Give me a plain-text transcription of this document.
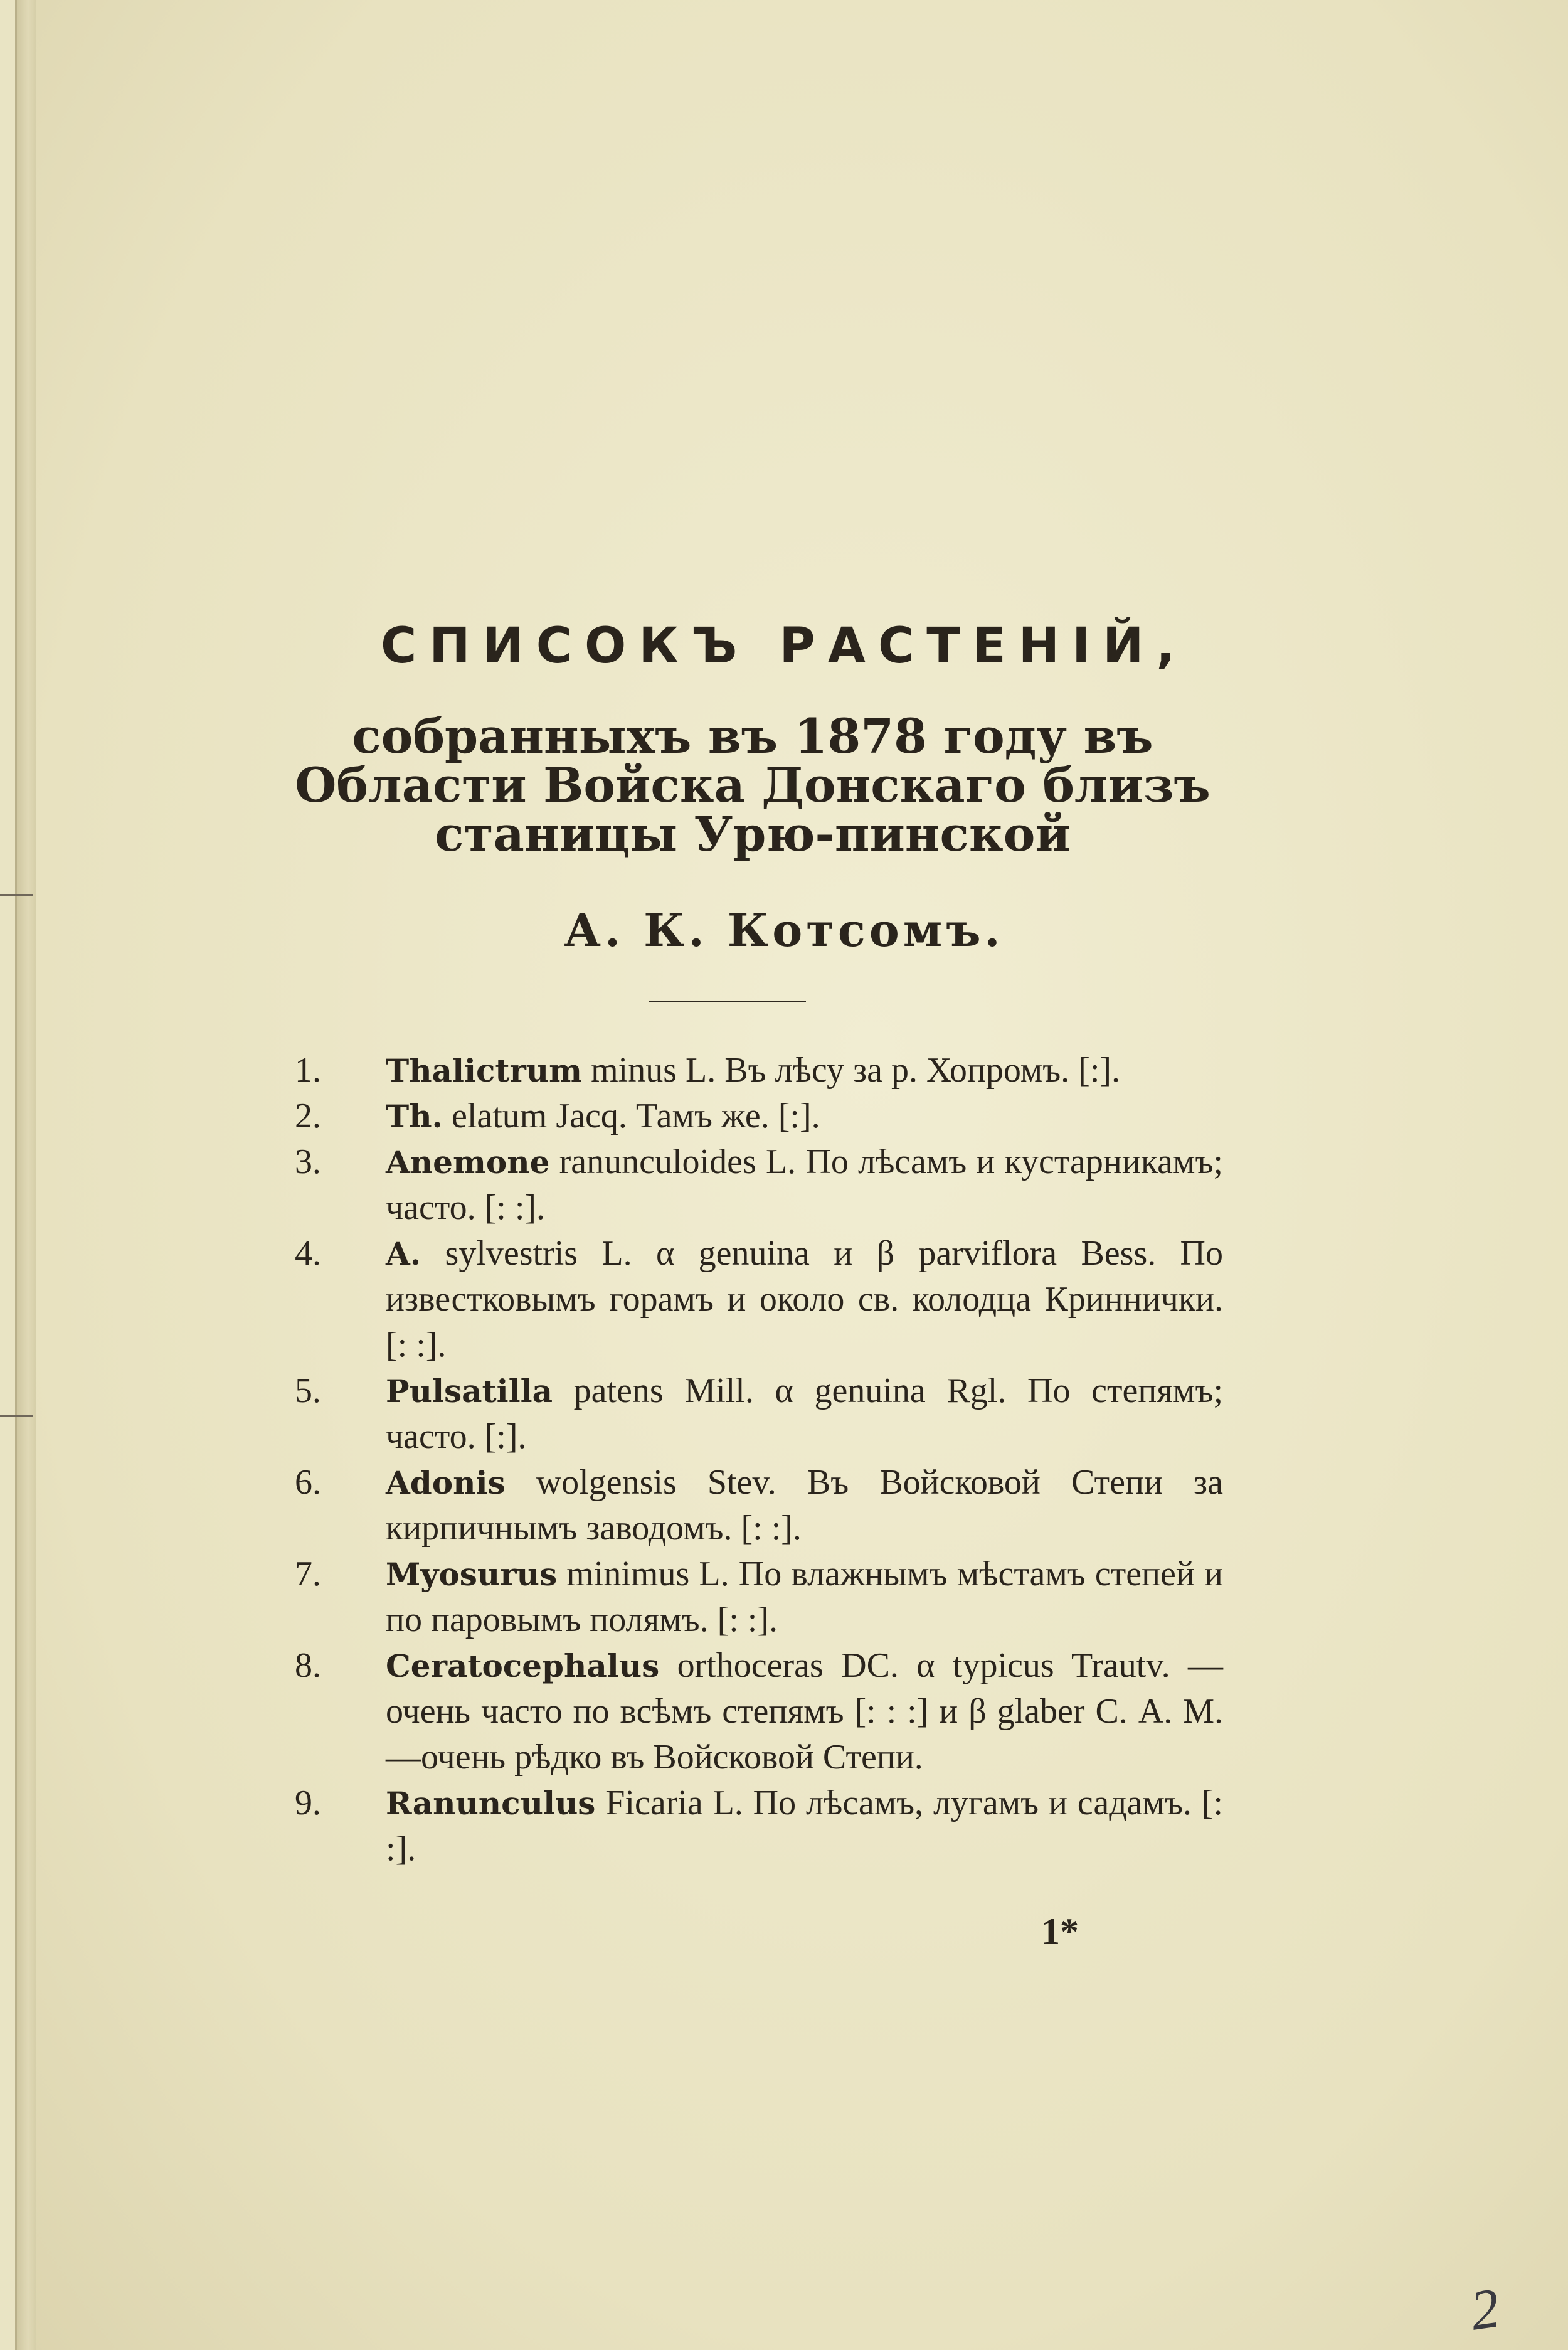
СПИСОКЪ РАСТЕНІЙ,
собранныхъ въ 1878 году въ Области Войска Донскаго близъ станицы Урю-пинской
А. К. Котсомъ.
1.	Thalictrum minus L. Въ лѣсу за р. Хопромъ. [:].
2.	Th. elatum Jacq. Тамъ же. [:].
3.	Anemone ranunculoides L. По лѣсамъ и кустарникамъ; часто. [: :].
4.	A. sylvestris L. α genuina и β parviflora Bess. По известковымъ горамъ и около св. колодца Криннички. [: :].
5.	Pulsatilla patens Mill. α genuina Rgl. По степямъ; часто. [:].
6.	Adonis wolgensis Stev. Въ Войсковой Степи за кирпичнымъ заводомъ. [: :].
7.	Myosurus minimus L. По влажнымъ мѣстамъ степей и по паровымъ полямъ. [: :].
8.	Ceratocephalus orthoceras DC. α typicus Trautv. — очень часто по всѣмъ степямъ [: : :] и β glaber С. А. М.—очень рѣдко въ Войсковой Степи.
9.	Ranunculus Ficaria L. По лѣсамъ, лугамъ и садамъ. [: :].
1*
2
